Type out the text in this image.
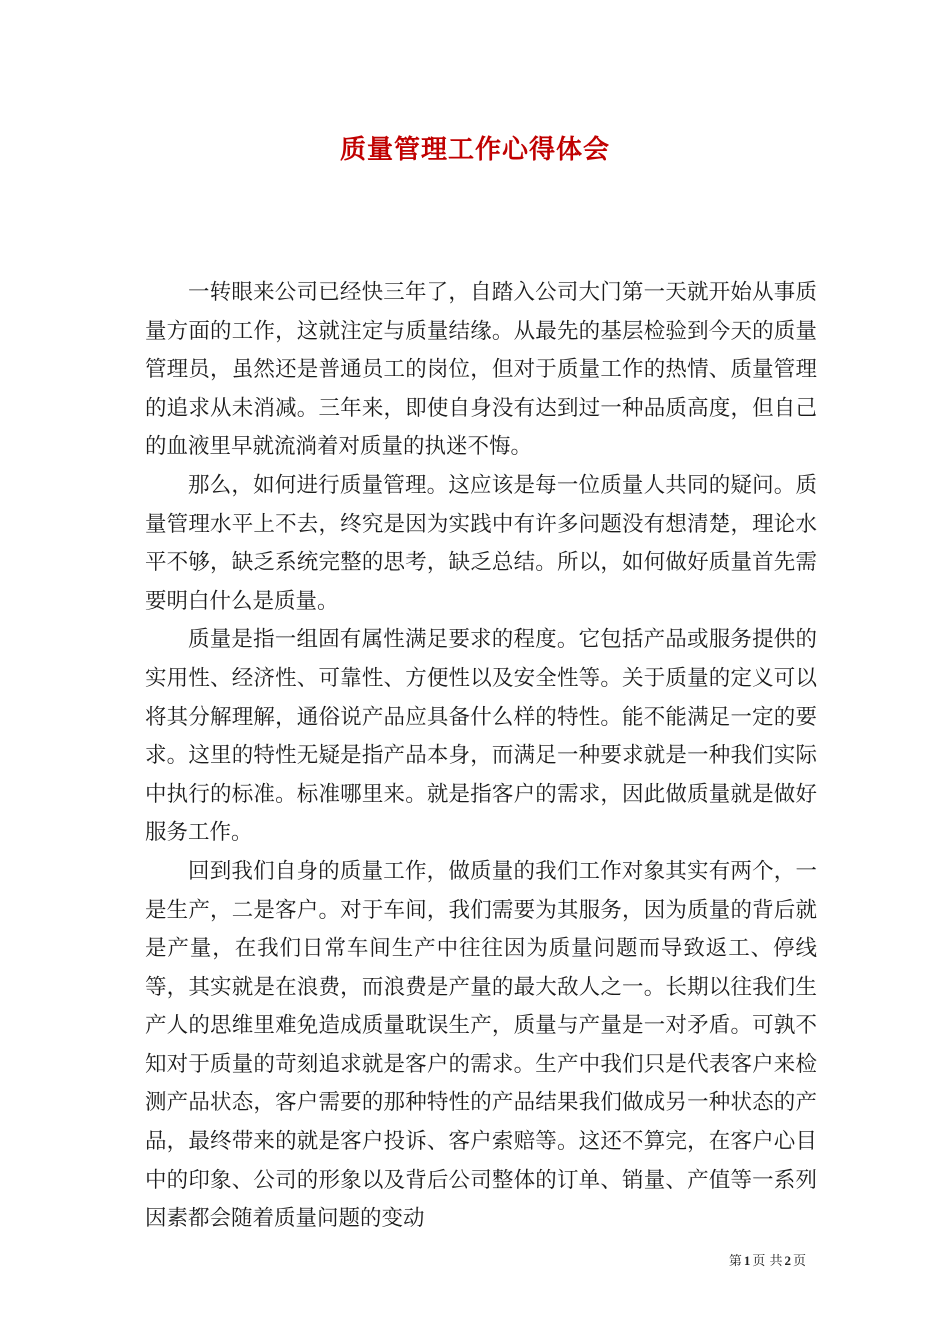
质量管理工作心得体会

一转眼来公司已经快三年了，自踏入公司大门第一天就开始从事质量方面的工作，这就注定与质量结缘。从最先的基层检验到今天的质量管理员，虽然还是普通员工的岗位，但对于质量工作的热情、质量管理的追求从未消减。三年来，即使自身没有达到过一种品质高度，但自己的血液里早就流淌着对质量的执迷不悔。

那么，如何进行质量管理。这应该是每一位质量人共同的疑问。质量管理水平上不去，终究是因为实践中有许多问题没有想清楚，理论水平不够，缺乏系统完整的思考，缺乏总结。所以，如何做好质量首先需要明白什么是质量。

质量是指一组固有属性满足要求的程度。它包括产品或服务提供的实用性、经济性、可靠性、方便性以及安全性等。关于质量的定义可以将其分解理解，通俗说产品应具备什么样的特性。能不能满足一定的要求。这里的特性无疑是指产品本身，而满足一种要求就是一种我们实际中执行的标准。标准哪里来。就是指客户的需求，因此做质量就是做好服务工作。

回到我们自身的质量工作，做质量的我们工作对象其实有两个，一是生产，二是客户。对于车间，我们需要为其服务，因为质量的背后就是产量，在我们日常车间生产中往往因为质量问题而导致返工、停线等，其实就是在浪费，而浪费是产量的最大敌人之一。长期以往我们生产人的思维里难免造成质量耽误生产，质量与产量是一对矛盾。可孰不知对于质量的苛刻追求就是客户的需求。生产中我们只是代表客户来检测产品状态，客户需要的那种特性的产品结果我们做成另一种状态的产品，最终带来的就是客户投诉、客户索赔等。这还不算完，在客户心目中的印象、公司的形象以及背后公司整体的订单、销量、产值等一系列因素都会随着质量问题的变动

第 1 页 共 2 页
